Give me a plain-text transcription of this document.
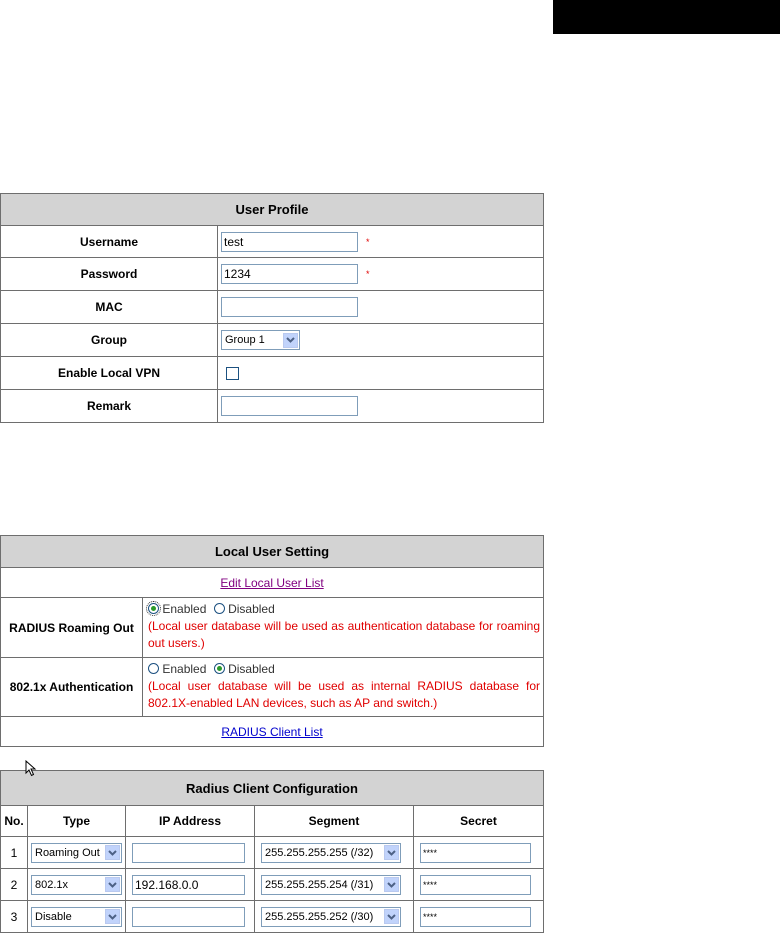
User Profile	
Username	test *
Password	1234 *
MAC	
Group	Group 1

Enable Local VPN	
Remark	
Local User Setting	
Edit Local User List	
RADIUS Roaming Out	Enabled Disabled

(Local user database will be used as authentication database for roaming out users.)

802.1x Authentication	Enabled Disabled

(Local user database will be used as internal RADIUS database for 802.1X-enabled LAN devices, such as AP and switch.)

RADIUS Client List	
Radius Client Configuration				
No.	Type	IP Address	Segment	Secret
1	Roaming Out		255.255.255.255 (/32)	****
2	802.1x	192.168.0.0	255.255.255.254 (/31)	****
3	Disable		255.255.255.252 (/30)	****
